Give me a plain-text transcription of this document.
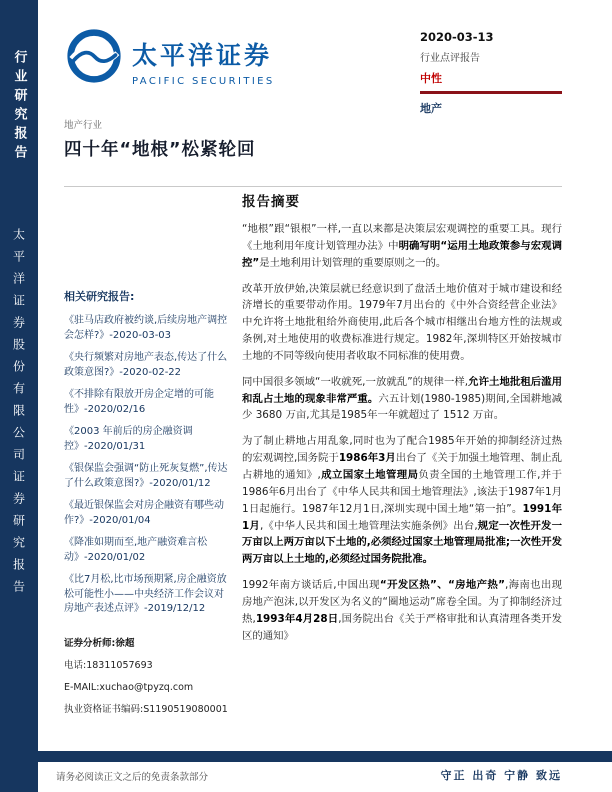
行业研究报告
太平洋证券股份有限公司证券研究报告
太平洋证券
PACIFIC SECURITIES
2020-03-13
行业点评报告
中性
地产
地产行业
四十年“地根”松紧轮回
相关研究报告:
《驻马店政府被约谈,后续房地产调控会怎样?》-2020-03-03
《央行频繁对房地产表态,传达了什么政策意图?》-2020-02-22
《不排除有限放开房企定增的可能性》-2020/02/16
《2003 年前后的房企融资调控》-2020/01/31
《银保监会强调“防止死灰复燃”,传达了什么政策意图?》-2020/01/12
《最近银保监会对房企融资有哪些动作?》-2020/01/04
《降准如期而至,地产融资难言松动》-2020/01/02
《比7月松,比市场预期紧,房企融资放松可能性小——中央经济工作会议对房地产表述点评》-2019/12/12
证券分析师:徐超
电话:18311057693
E-MAIL:xuchao@tpyzq.com
执业资格证书编码:S1190519080001
报告摘要

“地根”跟“银根”一样,一直以来都是决策层宏观调控的重要工具。现行《土地利用年度计划管理办法》中明确写明“运用土地政策参与宏观调控”是土地利用计划管理的重要原则之一的。

改革开放伊始,决策层就已经意识到了盘活土地价值对于城市建设和经济增长的重要带动作用。1979年7月出台的《中外合资经营企业法》中允许将土地批租给外商使用,此后各个城市相继出台地方性的法规或条例,对土地使用的收费标准进行规定。1982年,深圳特区开始按城市土地的不同等级向使用者收取不同标准的使用费。

同中国很多领域“一收就死,一放就乱”的规律一样,允许土地批租后滥用和乱占土地的现象非常严重。六五计划(1980-1985)期间,全国耕地减少 3680 万亩,尤其是1985年一年就超过了 1512 万亩。

为了制止耕地占用乱象,同时也为了配合1985年开始的抑制经济过热的宏观调控,国务院于1986年3月出台了《关于加强土地管理、制止乱占耕地的通知》,成立国家土地管理局负责全国的土地管理工作,并于1986年6月出台了《中华人民共和国土地管理法》,该法于1987年1月1日起施行。1987年12月1日,深圳实现中国土地“第一拍”。1991年1月,《中华人民共和国土地管理法实施条例》出台,规定一次性开发一万亩以上两万亩以下土地的,必须经过国家土地管理局批准;一次性开发两万亩以上土地的,必须经过国务院批准。

1992年南方谈话后,中国出现“开发区热”、“房地产热”,海南也出现房地产泡沫,以开发区为名义的“圈地运动”席卷全国。为了抑制经济过热,1993年4月28日,国务院出台《关于严格审批和认真清理各类开发区的通知》

请务必阅读正文之后的免责条款部分	守正 出奇 宁静 致远
